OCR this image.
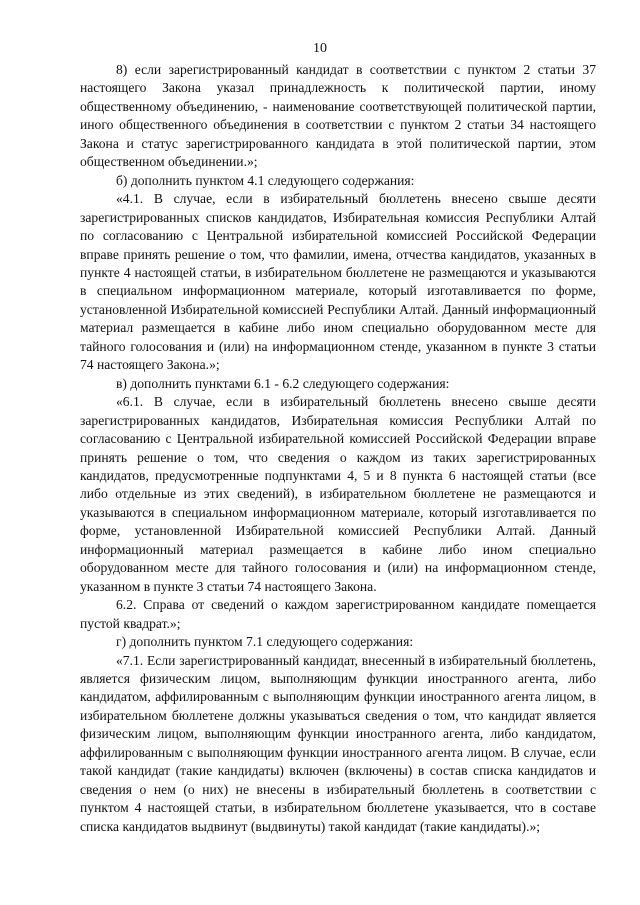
10

8) если зарегистрированный кандидат в соответствии с пунктом 2 статьи 37 настоящего Закона указал принадлежность к политической партии, иному общественному объединению, - наименование соответствующей политической партии, иного общественного объединения в соответствии с пунктом 2 статьи 34 настоящего Закона и статус зарегистрированного кандидата в этой политической партии, этом общественном объединении.»;

б) дополнить пунктом 4.1 следующего содержания:

«4.1. В случае, если в избирательный бюллетень внесено свыше десяти зарегистрированных списков кандидатов, Избирательная комиссия Республики Алтай по согласованию с Центральной избирательной комиссией Российской Федерации вправе принять решение о том, что фамилии, имена, отчества кандидатов, указанных в пункте 4 настоящей статьи, в избирательном бюллетене не размещаются и указываются в специальном информационном материале, который изготавливается по форме, установленной Избирательной комиссией Республики Алтай. Данный информационный материал размещается в кабине либо ином специально оборудованном месте для тайного голосования и (или) на информационном стенде, указанном в пункте 3 статьи 74 настоящего Закона.»;

в) дополнить пунктами 6.1 - 6.2 следующего содержания:

«6.1. В случае, если в избирательный бюллетень внесено свыше десяти зарегистрированных кандидатов, Избирательная комиссия Республики Алтай по согласованию с Центральной избирательной комиссией Российской Федерации вправе принять решение о том, что сведения о каждом из таких зарегистрированных кандидатов, предусмотренные подпунктами 4, 5 и 8 пункта 6 настоящей статьи (все либо отдельные из этих сведений), в избирательном бюллетене не размещаются и указываются в специальном информационном материале, который изготавливается по форме, установленной Избирательной комиссией Республики Алтай. Данный информационный материал размещается в кабине либо ином специально оборудованном месте для тайного голосования и (или) на информационном стенде, указанном в пункте 3 статьи 74 настоящего Закона.

6.2. Справа от сведений о каждом зарегистрированном кандидате помещается пустой квадрат.»;

г) дополнить пунктом 7.1 следующего содержания:

«7.1. Если зарегистрированный кандидат, внесенный в избирательный бюллетень, является физическим лицом, выполняющим функции иностранного агента, либо кандидатом, аффилированным с выполняющим функции иностранного агента лицом, в избирательном бюллетене должны указываться сведения о том, что кандидат является физическим лицом, выполняющим функции иностранного агента, либо кандидатом, аффилированным с выполняющим функции иностранного агента лицом. В случае, если такой кандидат (такие кандидаты) включен (включены) в состав списка кандидатов и сведения о нем (о них) не внесены в избирательный бюллетень в соответствии с пунктом 4 настоящей статьи, в избирательном бюллетене указывается, что в составе списка кандидатов выдвинут (выдвинуты) такой кандидат (такие кандидаты).»;
